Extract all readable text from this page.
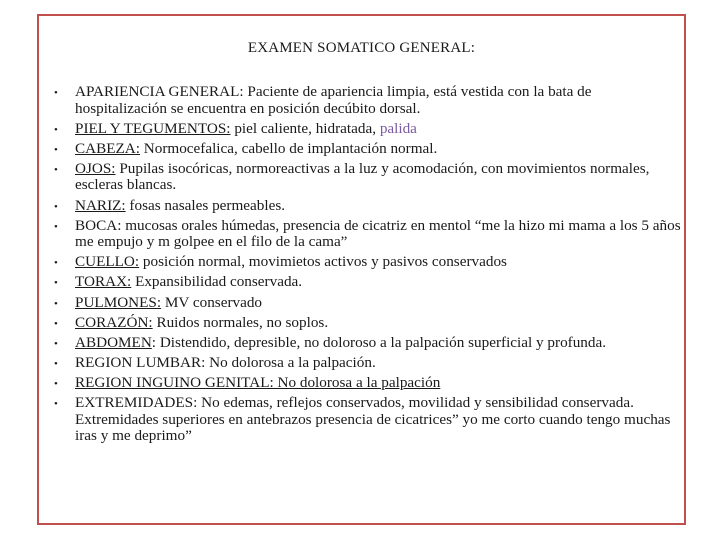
EXAMEN SOMATICO GENERAL:
• APARIENCIA GENERAL: Paciente de apariencia limpia, está vestida con la bata de hospitalización se encuentra en posición decúbito dorsal.
• PIEL Y TEGUMENTOS: piel caliente, hidratada, palida
• CABEZA: Normocefalica, cabello de implantación normal.
• OJOS: Pupilas isocóricas, normoreactivas a la luz y acomodación, con movimientos normales, escleras blancas.
• NARIZ: fosas nasales permeables.
• BOCA: mucosas orales húmedas, presencia de cicatriz en mentol “me la hizo mi mama a los 5 años me empujo y m golpee en el filo de la cama”
• CUELLO: posición normal, movimietos activos y pasivos conservados
• TORAX: Expansibilidad conservada.
• PULMONES: MV conservado
• CORAZÓN: Ruidos normales, no soplos.
• ABDOMEN: Distendido, depresible, no doloroso a la palpación superficial y profunda.
• REGION LUMBAR: No dolorosa a la palpación.
• REGION INGUINO GENITAL: No dolorosa a la palpación
• EXTREMIDADES: No edemas, reflejos conservados, movilidad y sensibilidad conservada. Extremidades superiores en antebrazos presencia de cicatrices” yo me corto cuando tengo muchas iras y me deprimo”
